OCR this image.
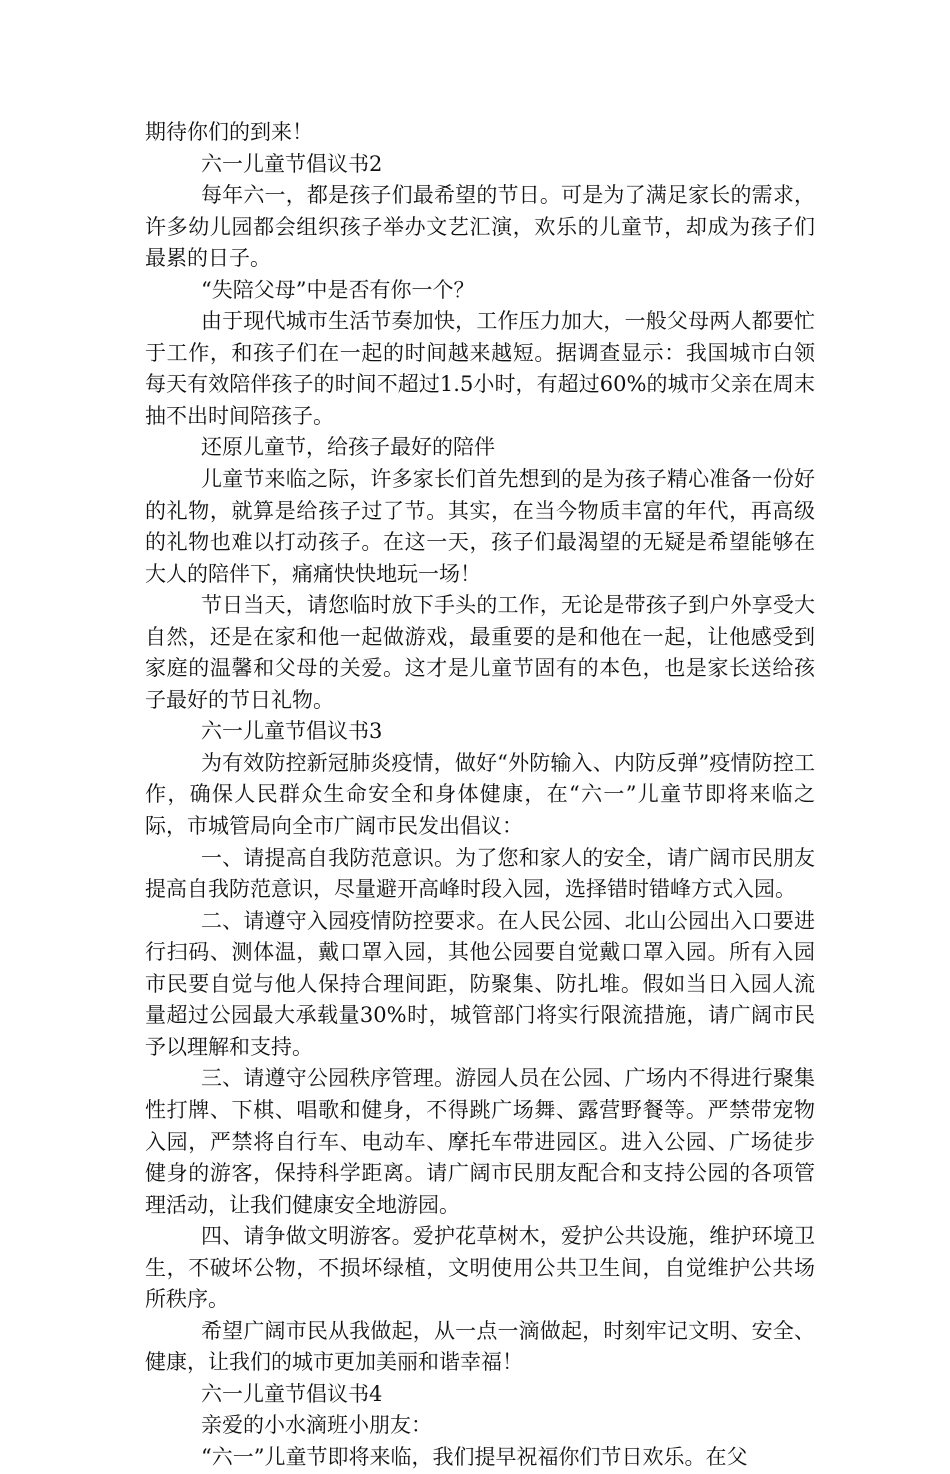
期待你们的到来！

六一儿童节倡议书2

每年六一，都是孩子们最希望的节日。可是为了满足家长的需求，许多幼儿园都会组织孩子举办文艺汇演，欢乐的儿童节，却成为孩子们最累的日子。

“失陪父母”中是否有你一个？

由于现代城市生活节奏加快，工作压力加大，一般父母两人都要忙于工作，和孩子们在一起的时间越来越短。据调查显示：我国城市白领每天有效陪伴孩子的时间不超过1.5小时，有超过60%的城市父亲在周末抽不出时间陪孩子。

还原儿童节，给孩子最好的陪伴

儿童节来临之际，许多家长们首先想到的是为孩子精心准备一份好的礼物，就算是给孩子过了节。其实，在当今物质丰富的年代，再高级的礼物也难以打动孩子。在这一天，孩子们最渴望的无疑是希望能够在大人的陪伴下，痛痛快快地玩一场！

节日当天，请您临时放下手头的工作，无论是带孩子到户外享受大自然，还是在家和他一起做游戏，最重要的是和他在一起，让他感受到家庭的温馨和父母的关爱。这才是儿童节固有的本色，也是家长送给孩子最好的节日礼物。

六一儿童节倡议书3

为有效防控新冠肺炎疫情，做好“外防输入、内防反弹”疫情防控工作，确保人民群众生命安全和身体健康，在“六一”儿童节即将来临之际，市城管局向全市广阔市民发出倡议：

一、请提高自我防范意识。为了您和家人的安全，请广阔市民朋友提高自我防范意识，尽量避开高峰时段入园，选择错时错峰方式入园。

二、请遵守入园疫情防控要求。在人民公园、北山公园出入口要进行扫码、测体温，戴口罩入园，其他公园要自觉戴口罩入园。所有入园市民要自觉与他人保持合理间距，防聚集、防扎堆。假如当日入园人流量超过公园最大承载量30%时，城管部门将实行限流措施，请广阔市民予以理解和支持。

三、请遵守公园秩序管理。游园人员在公园、广场内不得进行聚集性打牌、下棋、唱歌和健身，不得跳广场舞、露营野餐等。严禁带宠物入园，严禁将自行车、电动车、摩托车带进园区。进入公园、广场徒步健身的游客，保持科学距离。请广阔市民朋友配合和支持公园的各项管理活动，让我们健康安全地游园。

四、请争做文明游客。爱护花草树木，爱护公共设施，维护环境卫生，不破坏公物，不损坏绿植，文明使用公共卫生间，自觉维护公共场所秩序。

希望广阔市民从我做起，从一点一滴做起，时刻牢记文明、安全、健康，让我们的城市更加美丽和谐幸福！

六一儿童节倡议书4

亲爱的小水滴班小朋友：

“六一”儿童节即将来临，我们提早祝福你们节日欢乐。在父
